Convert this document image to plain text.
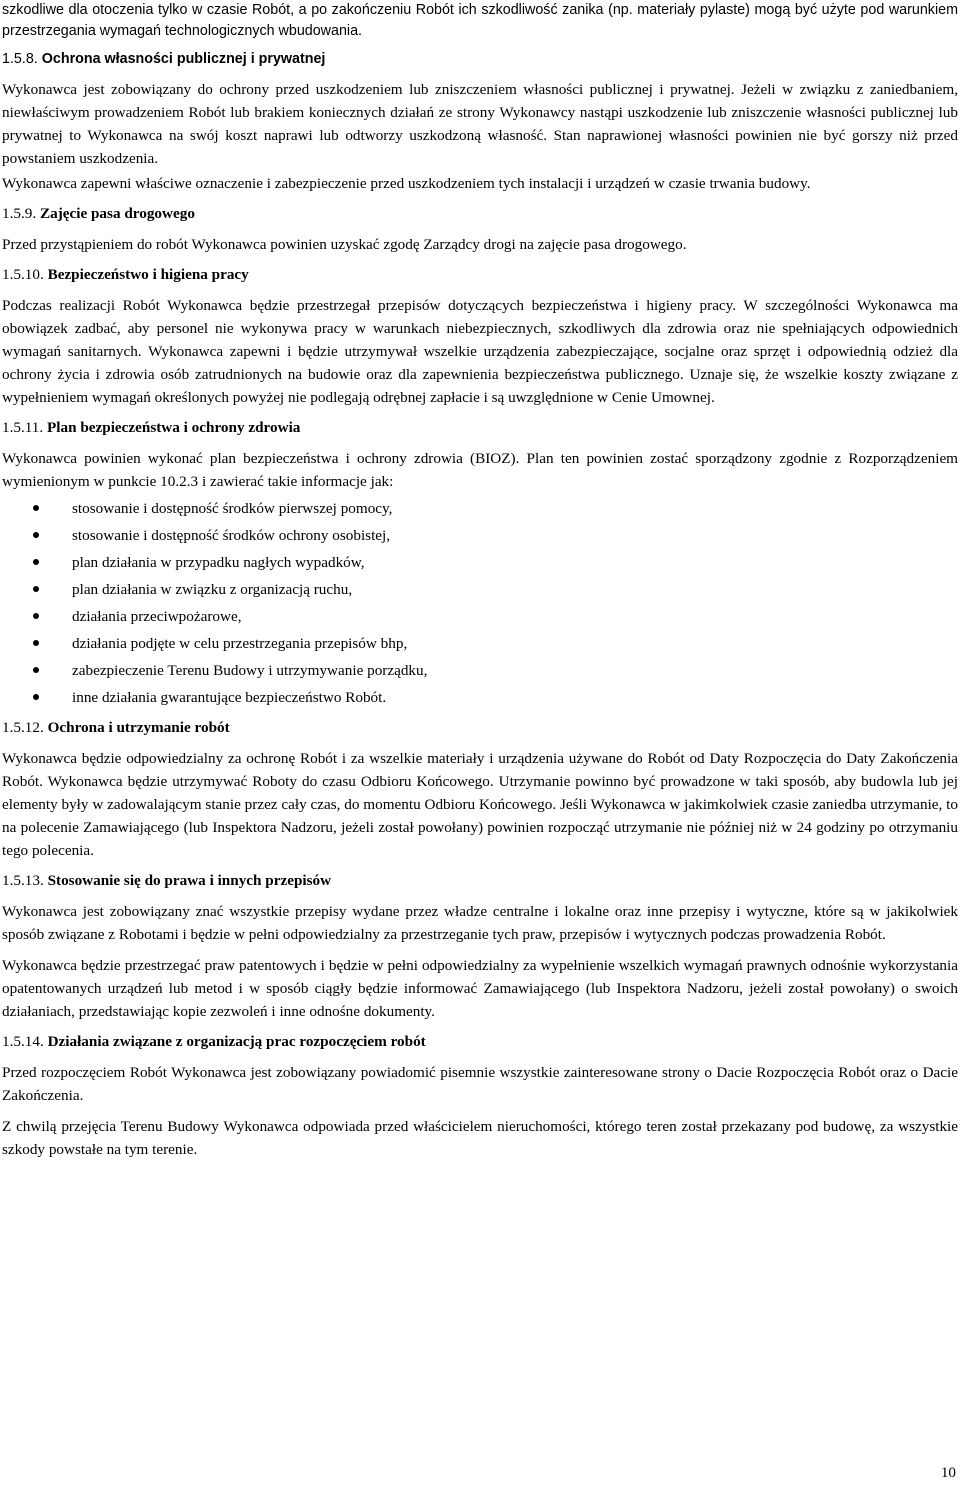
szkodliwe dla otoczenia tylko w czasie Robót, a po zakończeniu Robót ich szkodliwość zanika (np. materiały pylaste) mogą być użyte pod warunkiem przestrzegania wymagań technologicznych wbudowania.

1.5.8. Ochrona własności publicznej i prywatnej

Wykonawca jest zobowiązany do ochrony przed uszkodzeniem lub zniszczeniem własności publicznej i prywatnej. Jeżeli w związku z zaniedbaniem, niewłaściwym prowadzeniem Robót lub brakiem koniecznych działań ze strony Wykonawcy nastąpi uszkodzenie lub zniszczenie własności publicznej lub prywatnej to Wykonawca na swój koszt naprawi lub odtworzy uszkodzoną własność. Stan naprawionej własności powinien nie być gorszy niż przed powstaniem uszkodzenia.

Wykonawca zapewni właściwe oznaczenie i zabezpieczenie przed uszkodzeniem tych instalacji i urządzeń w czasie trwania budowy.

1.5.9. Zajęcie pasa drogowego

Przed przystąpieniem do robót Wykonawca powinien uzyskać zgodę Zarządcy drogi na zajęcie pasa drogowego.

1.5.10. Bezpieczeństwo i higiena pracy

Podczas realizacji Robót Wykonawca będzie przestrzegał przepisów dotyczących bezpieczeństwa i higieny pracy. W szczególności Wykonawca ma obowiązek zadbać, aby personel nie wykonywa pracy w warunkach niebezpiecznych, szkodliwych dla zdrowia oraz nie spełniających odpowiednich wymagań sanitarnych. Wykonawca zapewni i będzie utrzymywał wszelkie urządzenia zabezpieczające, socjalne oraz sprzęt i odpowiednią odzież dla ochrony życia i zdrowia osób zatrudnionych na budowie oraz dla zapewnienia bezpieczeństwa publicznego. Uznaje się, że wszelkie koszty związane z wypełnieniem wymagań określonych powyżej nie podlegają odrębnej zapłacie i są uwzględnione w Cenie Umownej.

1.5.11. Plan bezpieczeństwa i ochrony zdrowia

Wykonawca powinien wykonać plan bezpieczeństwa i ochrony zdrowia (BIOZ). Plan ten powinien zostać sporządzony zgodnie z Rozporządzeniem wymienionym w punkcie 10.2.3 i zawierać takie informacje jak:

stosowanie i dostępność środków pierwszej pomocy,
stosowanie i dostępność środków ochrony osobistej,
plan działania w przypadku nagłych wypadków,
plan działania w związku z organizacją ruchu,
działania przeciwpożarowe,
działania podjęte w celu przestrzegania przepisów bhp,
zabezpieczenie Terenu Budowy i utrzymywanie porządku,
inne działania gwarantujące bezpieczeństwo Robót.
1.5.12. Ochrona i utrzymanie robót

Wykonawca będzie odpowiedzialny za ochronę Robót i za wszelkie materiały i urządzenia używane do Robót od Daty Rozpoczęcia do Daty Zakończenia Robót. Wykonawca będzie utrzymywać Roboty do czasu Odbioru Końcowego. Utrzymanie powinno być prowadzone w taki sposób, aby budowla lub jej elementy były w zadowalającym stanie przez cały czas, do momentu Odbioru Końcowego. Jeśli Wykonawca w jakimkolwiek czasie zaniedba utrzymanie, to na polecenie Zamawiającego (lub Inspektora Nadzoru, jeżeli został powołany) powinien rozpocząć utrzymanie nie później niż w 24 godziny po otrzymaniu tego polecenia.

1.5.13. Stosowanie się do prawa i innych przepisów

Wykonawca jest zobowiązany znać wszystkie przepisy wydane przez władze centralne i lokalne oraz inne przepisy i wytyczne, które są w jakikolwiek sposób związane z Robotami i będzie w pełni odpowiedzialny za przestrzeganie tych praw, przepisów i wytycznych podczas prowadzenia Robót.

Wykonawca będzie przestrzegać praw patentowych i będzie w pełni odpowiedzialny za wypełnienie wszelkich wymagań prawnych odnośnie wykorzystania opatentowanych urządzeń lub metod i w sposób ciągły będzie informować Zamawiającego (lub Inspektora Nadzoru, jeżeli został powołany) o swoich działaniach, przedstawiając kopie zezwoleń i inne odnośne dokumenty.

1.5.14. Działania związane z organizacją prac rozpoczęciem robót

Przed rozpoczęciem Robót Wykonawca jest zobowiązany powiadomić pisemnie wszystkie zainteresowane strony o Dacie Rozpoczęcia Robót oraz o Dacie Zakończenia.

Z chwilą przejęcia Terenu Budowy Wykonawca odpowiada przed właścicielem nieruchomości, którego teren został przekazany pod budowę, za wszystkie szkody powstałe na tym terenie.

10
